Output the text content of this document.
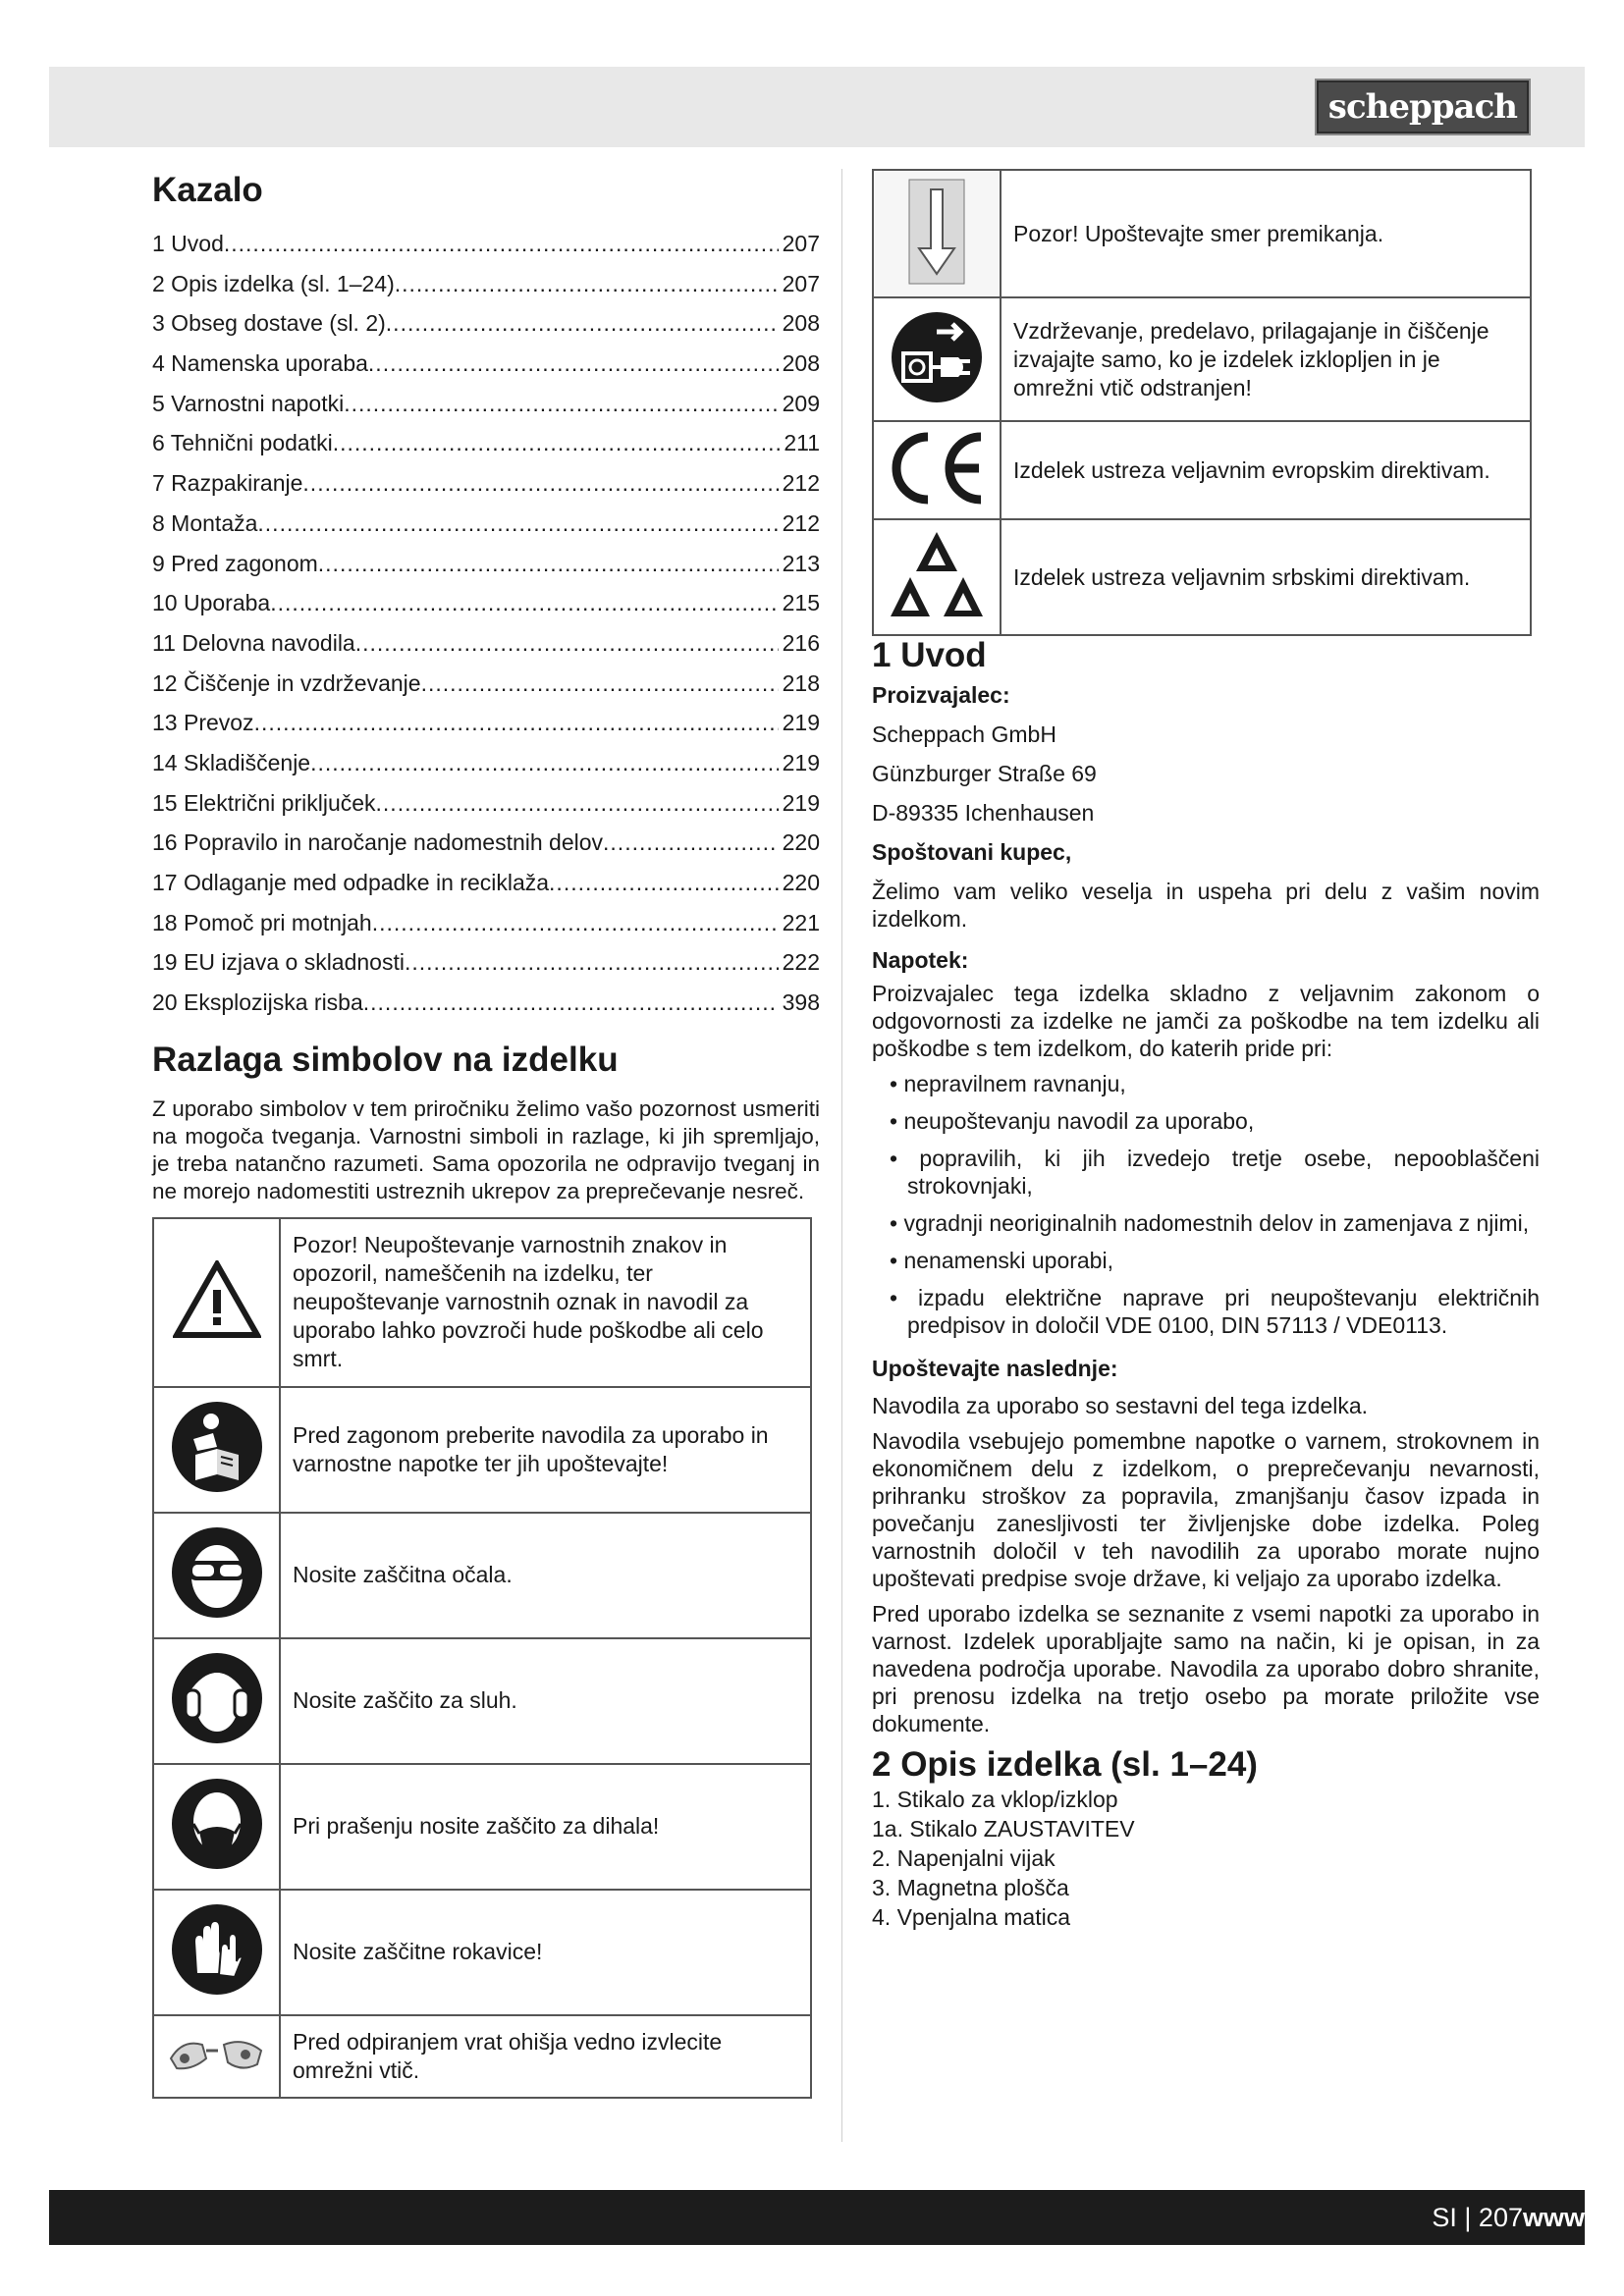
scheppach
Kazalo
1 Uvod .....	207
2 Opis izdelka (sl. 1–24) .....	207
3 Obseg dostave (sl. 2) .....	208
4 Namenska uporaba .....	208
5 Varnostni napotki .....	209
6 Tehnični podatki .....	211
7 Razpakiranje .....	212
8 Montaža .....	212
9 Pred zagonom .....	213
10 Uporaba .....	215
11 Delovna navodila .....	216
12 Čiščenje in vzdrževanje .....	218
13 Prevoz .....	219
14 Skladiščenje .....	219
15 Električni priključek .....	219
16 Popravilo in naročanje nadomestnih delov .....	220
17 Odlaganje med odpadke in reciklaža .....	220
18 Pomoč pri motnjah .....	221
19 EU izjava o skladnosti .....	222
20 Eksplozijska risba .....	398
Razlaga simbolov na izdelku

Z uporabo simbolov v tem priročniku želimo vašo pozornost usmeriti na mogoča tveganja. Varnostni simboli in razlage, ki jih spremljajo, je treba natančno razumeti. Sama opozorila ne odpravijo tveganj in ne morejo nadomestiti ustreznih ukrepov za preprečevanje nesreč.

	Pozor! Neupoštevanje varnostnih znakov in opozoril, nameščenih na izdelku, ter neupoštevanje varnostnih oznak in navodil za uporabo lahko povzroči hude poškodbe ali celo smrt.
	Pred zagonom preberite navodila za uporabo in varnostne napotke ter jih upoštevajte!
	Nosite zaščitna očala.
	Nosite zaščito za sluh.
	Pri prašenju nosite zaščito za dihala!
	Nosite zaščitne rokavice!
	Pred odpiranjem vrat ohišja vedno izvlecite omrežni vtič.
	Pozor! Upoštevajte smer premikanja.
	Vzdrževanje, predelavo, prilagajanje in čiščenje izvajajte samo, ko je izdelek izklopljen in je omrežni vtič odstranjen!
	Izdelek ustreza veljavnim evropskim direktivam.
	Izdelek ustreza veljavnim srbskimi direktivam.
1 Uvod

Proizvajalec:

Scheppach GmbH

Günzburger Straße 69

D-89335 Ichenhausen

Spoštovani kupec,

Želimo vam veliko veselja in uspeha pri delu z vašim novim izdelkom.

Napotek:

Proizvajalec tega izdelka skladno z veljavnim zakonom o odgovornosti za izdelke ne jamči za poškodbe na tem izdelku ali poškodbe s tem izdelkom, do katerih pride pri:

• nepravilnem ravnanju,
• neupoštevanju navodil za uporabo,
• popravilih, ki jih izvedejo tretje osebe, nepooblaščeni strokovnjaki,
• vgradnji neoriginalnih nadomestnih delov in zamenjava z njimi,
• nenamenski uporabi,
• izpadu električne naprave pri neupoštevanju električnih predpisov in določil VDE 0100, DIN 57113 / VDE0113.

Upoštevajte naslednje:

Navodila za uporabo so sestavni del tega izdelka.

Navodila vsebujejo pomembne napotke o varnem, strokovnem in ekonomičnem delu z izdelkom, o preprečevanju nevarnosti, prihranku stroškov za popravila, zmanjšanju časov izpada in povečanju zanesljivosti ter življenjske dobe izdelka. Poleg varnostnih določil v teh navodilih za uporabo morate nujno upoštevati predpise svoje države, ki veljajo za uporabo izdelka.

Pred uporabo izdelka se seznanite z vsemi napotki za uporabo in varnost. Izdelek uporabljajte samo na način, ki je opisan, in za navedena področja uporabe. Navodila za uporabo dobro shranite, pri prenosu izdelka na tretjo osebo pa morate priložite vse dokumente.

2 Opis izdelka (sl. 1–24)
1. Stikalo za vklop/izklop
1a. Stikalo ZAUSTAVITEV
2. Napenjalni vijak
3. Magnetna plošča
4. Vpenjalna matica
SI | 207www
